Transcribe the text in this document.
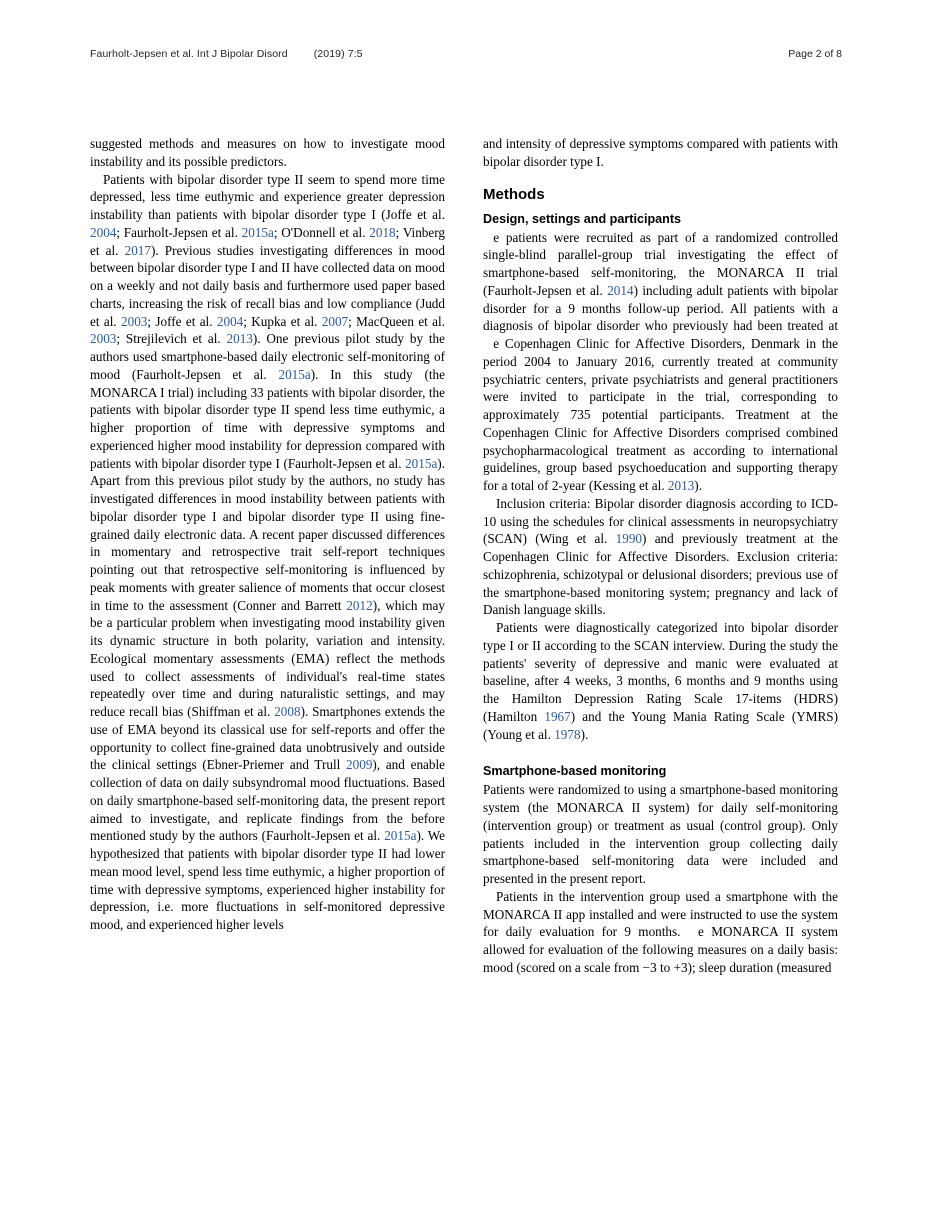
Faurholt-Jepsen et al. Int J Bipolar Disord (2019) 7:5	Page 2 of 8

suggested methods and measures on how to investigate mood instability and its possible predictors.

Patients with bipolar disorder type II seem to spend more time depressed, less time euthymic and experience greater depression instability than patients with bipolar disorder type I (Joffe et al. 2004; Faurholt-Jepsen et al. 2015a; O'Donnell et al. 2018; Vinberg et al. 2017). Previous studies investigating differences in mood between bipolar disorder type I and II have collected data on mood on a weekly and not daily basis and furthermore used paper based charts, increasing the risk of recall bias and low compliance (Judd et al. 2003; Joffe et al. 2004; Kupka et al. 2007; MacQueen et al. 2003; Strejilevich et al. 2013). One previous pilot study by the authors used smartphone-based daily electronic self-monitoring of mood (Faurholt-Jepsen et al. 2015a). In this study (the MONARCA I trial) including 33 patients with bipolar disorder, the patients with bipolar disorder type II spend less time euthymic, a higher proportion of time with depressive symptoms and experienced higher mood instability for depression compared with patients with bipolar disorder type I (Faurholt-Jepsen et al. 2015a). Apart from this previous pilot study by the authors, no study has investigated differences in mood instability between patients with bipolar disorder type I and bipolar disorder type II using fine-grained daily electronic data. A recent paper discussed differences in momentary and retrospective trait self-report techniques pointing out that retrospective self-monitoring is influenced by peak moments with greater salience of moments that occur closest in time to the assessment (Conner and Barrett 2012), which may be a particular problem when investigating mood instability given its dynamic structure in both polarity, variation and intensity. Ecological momentary assessments (EMA) reflect the methods used to collect assessments of individual's real-time states repeatedly over time and during naturalistic settings, and may reduce recall bias (Shiffman et al. 2008). Smartphones extends the use of EMA beyond its classical use for self-reports and offer the opportunity to collect fine-grained data unobtrusively and outside the clinical settings (Ebner-Priemer and Trull 2009), and enable collection of data on daily subsyndromal mood fluctuations. Based on daily smartphone-based self-monitoring data, the present report aimed to investigate, and replicate findings from the before mentioned study by the authors (Faurholt-Jepsen et al. 2015a). We hypothesized that patients with bipolar disorder type II had lower mean mood level, spend less time euthymic, a higher proportion of time with depressive symptoms, experienced higher instability for depression, i.e. more fluctuations in self-monitored depressive mood, and experienced higher levels

and intensity of depressive symptoms compared with patients with bipolar disorder type I.

Methods
Design, settings and participants

 e patients were recruited as part of a randomized controlled single-blind parallel-group trial investigating the effect of smartphone-based self-monitoring, the MONARCA II trial (Faurholt-Jepsen et al. 2014) including adult patients with bipolar disorder for a 9 months follow-up period. All patients with a diagnosis of bipolar disorder who previously had been treated at  e Copenhagen Clinic for Affective Disorders, Denmark in the period 2004 to January 2016, currently treated at community psychiatric centers, private psychiatrists and general practitioners were invited to participate in the trial, corresponding to approximately 735 potential participants. Treatment at the Copenhagen Clinic for Affective Disorders comprised combined psychopharmacological treatment as according to international guidelines, group based psychoeducation and supporting therapy for a total of 2-year (Kessing et al. 2013).

Inclusion criteria: Bipolar disorder diagnosis according to ICD-10 using the schedules for clinical assessments in neuropsychiatry (SCAN) (Wing et al. 1990) and previously treatment at the Copenhagen Clinic for Affective Disorders. Exclusion criteria: schizophrenia, schizotypal or delusional disorders; previous use of the smartphone-based monitoring system; pregnancy and lack of Danish language skills.

Patients were diagnostically categorized into bipolar disorder type I or II according to the SCAN interview. During the study the patients' severity of depressive and manic were evaluated at baseline, after 4 weeks, 3 months, 6 months and 9 months using the Hamilton Depression Rating Scale 17-items (HDRS) (Hamilton 1967) and the Young Mania Rating Scale (YMRS) (Young et al. 1978).

Smartphone-based monitoring

Patients were randomized to using a smartphone-based monitoring system (the MONARCA II system) for daily self-monitoring (intervention group) or treatment as usual (control group). Only patients included in the intervention group collecting daily smartphone-based self-monitoring data were included and presented in the present report.

Patients in the intervention group used a smartphone with the MONARCA II app installed and were instructed to use the system for daily evaluation for 9 months.  e MONARCA II system allowed for evaluation of the following measures on a daily basis: mood (scored on a scale from −3 to +3); sleep duration (measured
